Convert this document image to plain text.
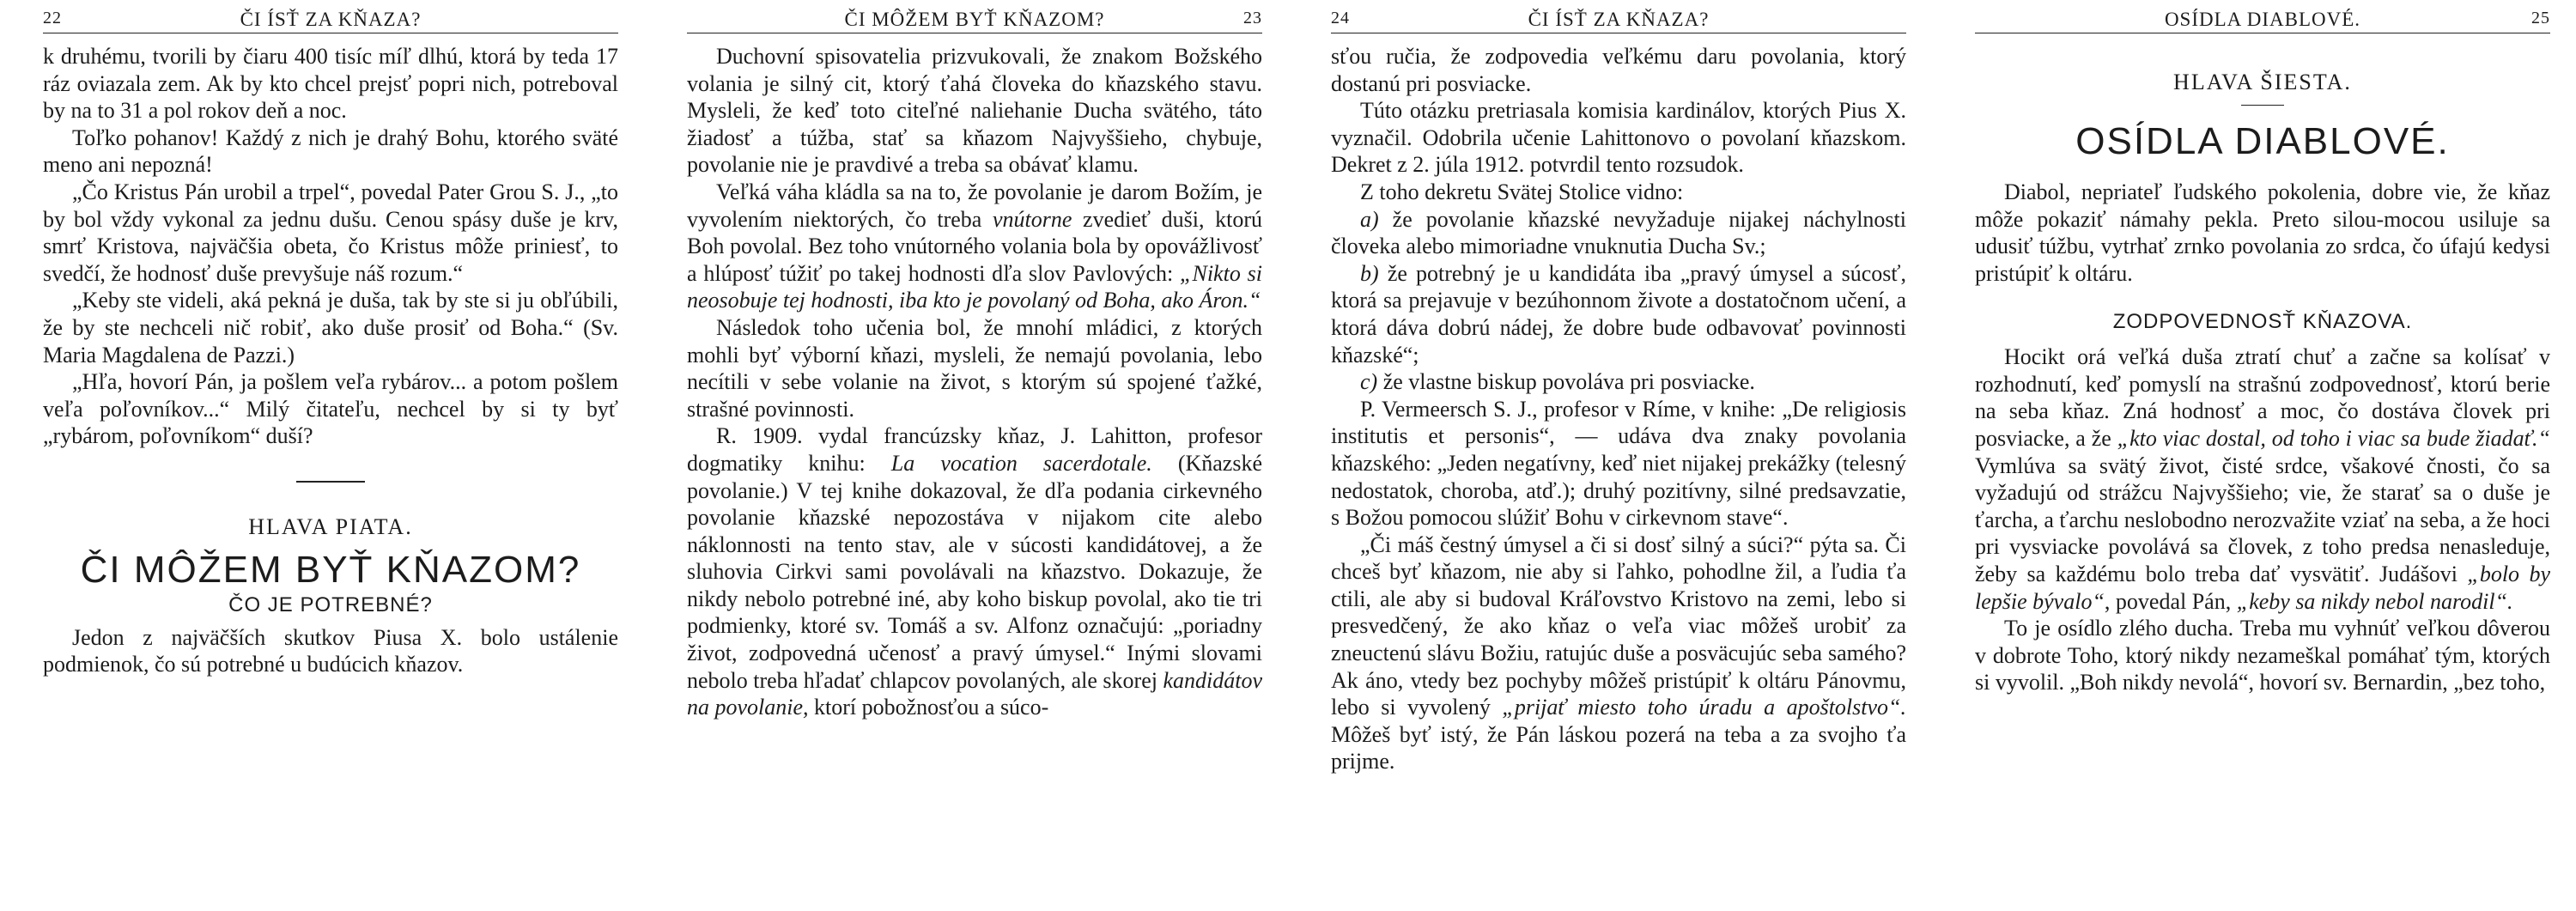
22	ČI ÍSŤ ZA KŇAZA?

k druhému, tvorili by čiaru 400 tisíc míľ dlhú, ktorá by teda 17 ráz oviazala zem. Ak by kto chcel prejsť popri nich, potreboval by na to 31 a pol rokov deň a noc.

Toľko pohanov! Každý z nich je drahý Bohu, ktorého sväté meno ani nepozná!

„Čo Kristus Pán urobil a trpel“, povedal Pater Grou S. J., „to by bol vždy vykonal za jednu dušu. Cenou spásy duše je krv, smrť Kristova, najväčšia obeta, čo Kristus môže priniesť, to svedčí, že hodnosť duše prevyšuje náš rozum.“

„Keby ste videli, aká pekná je duša, tak by ste si ju obľúbili, že by ste nechceli nič robiť, ako duše prosiť od Boha.“ (Sv. Maria Magdalena de Pazzi.)

„Hľa, hovorí Pán, ja pošlem veľa rybárov... a potom pošlem veľa poľovníkov...“ Milý čitateľu, nechcel by si ty byť „rybárom, poľovníkom“ duší?

HLAVA PIATA.
ČI MÔŽEM BYŤ KŇAZOM?
ČO JE POTREBNÉ?

Jedon z najväčších skutkov Piusa X. bolo ustálenie podmienok, čo sú potrebné u budúcich kňazov.

ČI MÔŽEM BYŤ KŇAZOM?	23

Duchovní spisovatelia prizvukovali, že znakom Božského volania je silný cit, ktorý ťahá človeka do kňazského stavu. Mysleli, že keď toto citeľné naliehanie Ducha svätého, táto žiadosť a túžba, stať sa kňazom Najvyššieho, chybuje, povolanie nie je pravdivé a treba sa obávať klamu.

Veľká váha kládla sa na to, že povolanie je darom Božím, je vyvolením niektorých, čo treba vnútorne zvedieť duši, ktorú Boh povolal. Bez toho vnútorného volania bola by opovážlivosť a hlúposť túžiť po takej hodnosti dľa slov Pavlových: „Nikto si neosobuje tej hodnosti, iba kto je povolaný od Boha, ako Áron.“

Následok toho učenia bol, že mnohí mládici, z ktorých mohli byť výborní kňazi, mysleli, že nemajú povolania, lebo necítili v sebe volanie na život, s ktorým sú spojené ťažké, strašné povinnosti.

R. 1909. vydal francúzsky kňaz, J. Lahitton, profesor dogmatiky knihu: La vocation sacerdotale. (Kňazské povolanie.) V tej knihe dokazoval, že dľa podania cirkevného povolanie kňazské nepozostáva v nijakom cite alebo náklonnosti na tento stav, ale v súcosti kandidátovej, a že sluhovia Cirkvi sami povolávali na kňazstvo. Dokazuje, že nikdy nebolo potrebné iné, aby koho biskup povolal, ako tie tri podmienky, ktoré sv. Tomáš a sv. Alfonz označujú: „poriadny život, zodpovedná učenosť a pravý úmysel.“ Inými slovami nebolo treba hľadať chlapcov povolaných, ale skorej kandidátov na povolanie, ktorí pobožnosťou a súco-

24	ČI ÍSŤ ZA KŇAZA?

sťou ručia, že zodpovedia veľkému daru povolania, ktorý dostanú pri posviacke.

Túto otázku pretriasala komisia kardinálov, ktorých Pius X. vyznačil. Odobrila učenie Lahittonovo o povolaní kňazskom. Dekret z 2. júla 1912. potvrdil tento rozsudok.

Z toho dekretu Svätej Stolice vidno:

a) že povolanie kňazské nevyžaduje nijakej náchylnosti človeka alebo mimoriadne vnuknutia Ducha Sv.;

b) že potrebný je u kandidáta iba „pravý úmysel a súcosť, ktorá sa prejavuje v bezúhonnom živote a dostatočnom učení, a ktorá dáva dobrú nádej, že dobre bude odbavovať povinnosti kňazské“;

c) že vlastne biskup povoláva pri posviacke.

P. Vermeersch S. J., profesor v Ríme, v knihe: „De religiosis institutis et personis“, — udáva dva znaky povolania kňazského: „Jeden negatívny, keď niet nijakej prekážky (telesný nedostatok, choroba, atď.); druhý pozitívny, silné predsavzatie, s Božou pomocou slúžiť Bohu v cirkevnom stave“.

„Či máš čestný úmysel a či si dosť silný a súci?“ pýta sa. Či chceš byť kňazom, nie aby si ľahko, pohodlne žil, a ľudia ťa ctili, ale aby si budoval Kráľovstvo Kristovo na zemi, lebo si presvedčený, že ako kňaz o veľa viac môžeš urobiť za zneuctenú slávu Božiu, ratujúc duše a posväcujúc seba samého? Ak áno, vtedy bez pochyby môžeš pristúpiť k oltáru Pánovmu, lebo si vyvolený „prijať miesto toho úradu a apoštolstvo“. Môžeš byť istý, že Pán láskou pozerá na teba a za svojho ťa prijme.

OSÍDLA DIABLOVÉ.	25
HLAVA ŠIESTA.
OSÍDLA DIABLOVÉ.

Diabol, nepriateľ ľudského pokolenia, dobre vie, že kňaz môže pokaziť námahy pekla. Preto silou-mocou usiluje sa udusiť túžbu, vytrhať zrnko povolania zo srdca, čo úfajú kedysi pristúpiť k oltáru.

ZODPOVEDNOSŤ KŇAZOVA.

Hocikt orá veľká duša ztratí chuť a začne sa kolísať v rozhodnutí, keď pomyslí na strašnú zodpovednosť, ktorú berie na seba kňaz. Zná hodnosť a moc, čo dostáva človek pri posviacke, a že „kto viac dostal, od toho i viac sa bude žiadať.“ Vymlúva sa svätý život, čisté srdce, všakové čnosti, čo sa vyžadujú od strážcu Najvyššieho; vie, že starať sa o duše je ťarcha, a ťarchu neslobodno nerozvažite vziať na seba, a že hoci pri vysviacke povolává sa človek, z toho predsa nenasleduje, žeby sa každému bolo treba dať vysvätiť. Judášovi „bolo by lepšie bývalo“, povedal Pán, „keby sa nikdy nebol narodil“.

To je osídlo zlého ducha. Treba mu vyhnúť veľkou dôverou v dobrote Toho, ktorý nikdy nezameškal pomáhať tým, ktorých si vyvolil. „Boh nikdy nevolá“, hovorí sv. Bernardin, „bez toho,
